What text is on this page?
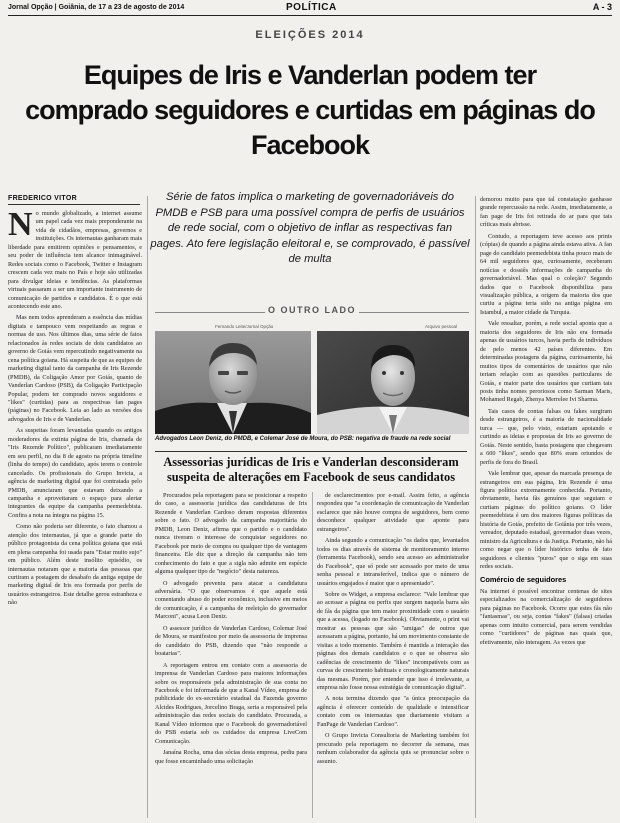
Jornal Opção | Goiânia, de 17 a 23 de agosto de 2014	POLÍTICA	A - 3
ELEIÇÕES 2014
Equipes de Iris e Vanderlan podem ter comprado seguidores e curtidas em páginas do Facebook
FREDERICO VITOR

No mundo globalizado, a internet assume um papel cada vez mais preponderante na vida de cidadãos, empresas, governos e instituições. Os internautas ganharam mais liberdade para emitirem opiniões e pensamentos, e seu poder de influência tem alcance inimaginável. Redes sociais como o Facebook, Twitter e Instagram crescem cada vez mais no País e hoje são utilizadas para divulgar ideias e tendências. As plataformas virtuais passaram a ser um importante instrumento de comunicação de partidos e candidatos. É o que está acontecendo este ano.

Mas nem todos aprenderam a essência das mídias digitais e tampouco vem respeitando as regras e normas de uso. Nos últimos dias, uma série de fatos relacionados às redes sociais de dois candidatos ao governo de Goiás vem repercutindo negativamente na cena política goiana. Há suspeita de que as equipes de marketing digital tanto da campanha de Iris Rezende (PMDB), da Coligação Amor por Goiás, quanto de Vanderlan Cardoso (PSB), da Coligação Participação Popular, podem ter comprado novos seguidores e "likes" (curtidas) para as respectivas fan pages (páginas) no Facebook. Leia ao lado as versões dos advogados de Iris e de Vanderlan.

As suspeitas foram levantadas quando os antigos moderadores da extinta página de Iris, chamada de "Iris Rezende Político", publicaram imediatamente em seu perfil, no dia 8 de agosto na própria timeline (linha do tempo) do candidato, após terem o controle cancelado. Os profissionais do Grupo Invicta, a agência de marketing digital que foi contratada pelo PMDB, anunciaram que estavam deixando a campanha e aproveitaram o espaço para alertar integrantes da equipe da campanha peemedebista. Confira a nota na íntegra na página 15.

Como não poderia ser diferente, o fato chamou a atenção dos internautas, já que a grande parte do público protagonista da cena política goiana que está em plena campanha foi usada para "Estar muito sujo" em público. Além deste insólito episódio, os internautas notaram que a maioria das pessoas que curtiram a postagem de desabafo da antiga equipe de marketing digital de Iris era formada por perfis de usuários estrangeiros. Este detalhe gerou estranheza e não

Série de fatos implica o marketing de governadoriáveis do PMDB e PSB para uma possível compra de perfis de usuários de rede social, com o objetivo de inflar as respectivas fan pages. Ato fere legislação eleitoral e, se comprovado, é passível de multa
O OUTRO LADO
Fernando Leite/Jornal Opção	Arquivo pessoal
Advogados Leon Deniz, do PMDB, e Colemar José de Moura, do PSB: negativa de fraude na rede social
Assessorias jurídicas de Iris e Vanderlan desconsideram suspeita de alterações em Facebook de seus candidatos

Procurados pela reportagem para se posicionar a respeito do caso, a assessoria jurídica das candidaturas de Iris Rezende e Vanderlan Cardoso deram respostas diferentes sobre o fato. O advogado da campanha majoritária do PMDB, Leon Deniz, afirma que o partido e o candidato nunca tiveram o interesse de conquistar seguidores no Facebook por meio de compra ou qualquer tipo de vantagem financeira. Ele diz que a direção da campanha não tem conhecimento do fato e que a sigla não admite em espécie alguma qualquer tipo de "negócio" desta natureza.

O advogado preveniu para atacar a candidatura adversária. "O que observamos é que aquele está comentando abuso do poder econômico, inclusive em meios de comunicação, é a campanha de reeleição do governador Marconi", acusa Leon Deniz.

O assessor jurídico de Vanderlan Cardoso, Colemar José de Moura, se manifestou por meio da assessoria de imprensa do candidato do PSB, dizendo que "não responde a boatarias".

A reportagem entrou em contato com a assessoria de imprensa de Vanderlan Cardoso para maiores informações sobre os responsáveis pela administração de sua conta no Facebook e foi informada de que a Kanal Vídeo, empresa de publicidade do ex-secretário estadual da Fazenda governo Alcides Rodrigues, Jorcelino Braga, seria a responsável pela administração das redes sociais do candidato. Procurada, a Kanal Vídeo informou que o Facebook do governadoriável do PSB estaria sob os cuidados da empresa LiveCom Comunicação.

Janaína Rocha, uma das sócias desta empresa, pediu para que fosse encaminhado uma solicitação

de esclarecimentos por e-mail. Assim feito, a agência respondeu que "a coordenação de comunicação de Vanderlan esclarece que não houve compra de seguidores, bem como desconhece qualquer atividade que aponte para estrangeiros".

Ainda segundo a comunicação "os dados que, levantados todos os dias através de sistema de monitoramento interno (ferramenta Facebook), sendo seu acesso ao administrador do Facebook", que só pode ser acessado por meio de uma senha pessoal e intransferível, indica que o número de usuários engajados é maior que o apresentado".

Sobre os Widget, a empresa esclarece: "Vale lembrar que ao acessar a página ou perfis que surgem naquela barra são de fãs da página que tem maior proximidade com o usuário que a acessa, (logado no Facebook). Obviamente, o print vai mostrar as pessoas que são "amigas" de outros que acessaram a página, portanto, há um movimento constante de visitas a todo momento. Também é mantida a interação das páginas dos demais candidatos e o que se observa são cadências de crescimento de "likes" incompatíveis com as curvas de crescimento habituais e cronologicamente naturais das mesmas. Porém, por entender que isso é irrelevante, a empresa não fosse nossa estratégia de comunicação digital".

A nota termina dizendo que "a única preocupação da agência é oferecer conteúdo de qualidade e intensificar contato com os internautas que diariamente visitam a FanPage de Vanderlan Cardoso".

O Grupo Invicta Consultoria de Marketing também foi procurado pela reportagem no decorrer da semana, mas nenhum colaborador da agência quis se pronunciar sobre o assunto.

demorou muito para que tal constatação ganhasse grande repercussão na rede. Assim, imediatamente, a fan page de Iris foi retirada do ar para que tais críticas mais abrisse.

Contudo, a reportagem teve acesso aos prints (cópias) de quando a página ainda estava ativa. A fan page do candidato peemedebista tinha pouco mais de 64 mil seguidores que, curiosamente, receberam notícias e dossiês informações de campanha do governadoriável. Mas qual o coleção? Segundo dados que o Facebook disponibiliza para visualização pública, a origem da maioria dos que curtiu a página teria sido na antiga página em Istambul, a maior cidade da Turquia.

Vale ressaltar, porém, a rede social aponta que a maioria dos seguidores de Iris não era formada apenas de usuários turcos, havia perfis de indivíduos de pelo menos 42 países diferentes. Em determinadas postagens da página, curiosamente, há muitos tipos de comentários de usuários que não teriam relação com as questões particulares de Goiás, e maior parte dos usuários que curtiam tais posts tinha nomes peroriosos como Sarman Maris, Mohamed Regab, Zhenya Merrelee Ivi Sharma.

Tais casos de contas falsas ou fakes surgiram desde estrangeiros, é a maioria de nacionalidade turca — que, pelo visto, estariam apoiando e curtindo as ideias e propostas de Iris ao governo de Goiás. Neste sentido, basta postagens que chegavam a 600 "likes", sendo que 80% eram oriundos de perfis de fora do Brasil.

Vale lembrar que, apesar da marcada presença de estrangeiros em sua página, Iris Rezende é uma figura política extremamente conhecida. Portanto, obviamente, havia fãs genuínos que seguiam e curtiam páginas do político goiano. O líder peemedebista é um dos maiores figuras políticas da história de Goiás, prefeito de Goiânia por três vezes, vereador, deputado estadual, governador duas vezes, ministro da Agricultura e da Justiça. Portanto, não há como negar que o líder histórico tenha de fato seguidores e clientes "puros" que o siga em suas redes sociais.

Comércio de seguidores

Na internet é possível encontrar centenas de sites especializados na comercialização de seguidores para páginas no Facebook. Ocorre que estes fãs não "fantasmas", ou seja, contas "fakes" (falsas) criadas apenas com intuito comercial, para serem vendidas como "curtidores" de páginas nas quais que, efetivamente, não interagem. As vezes que
